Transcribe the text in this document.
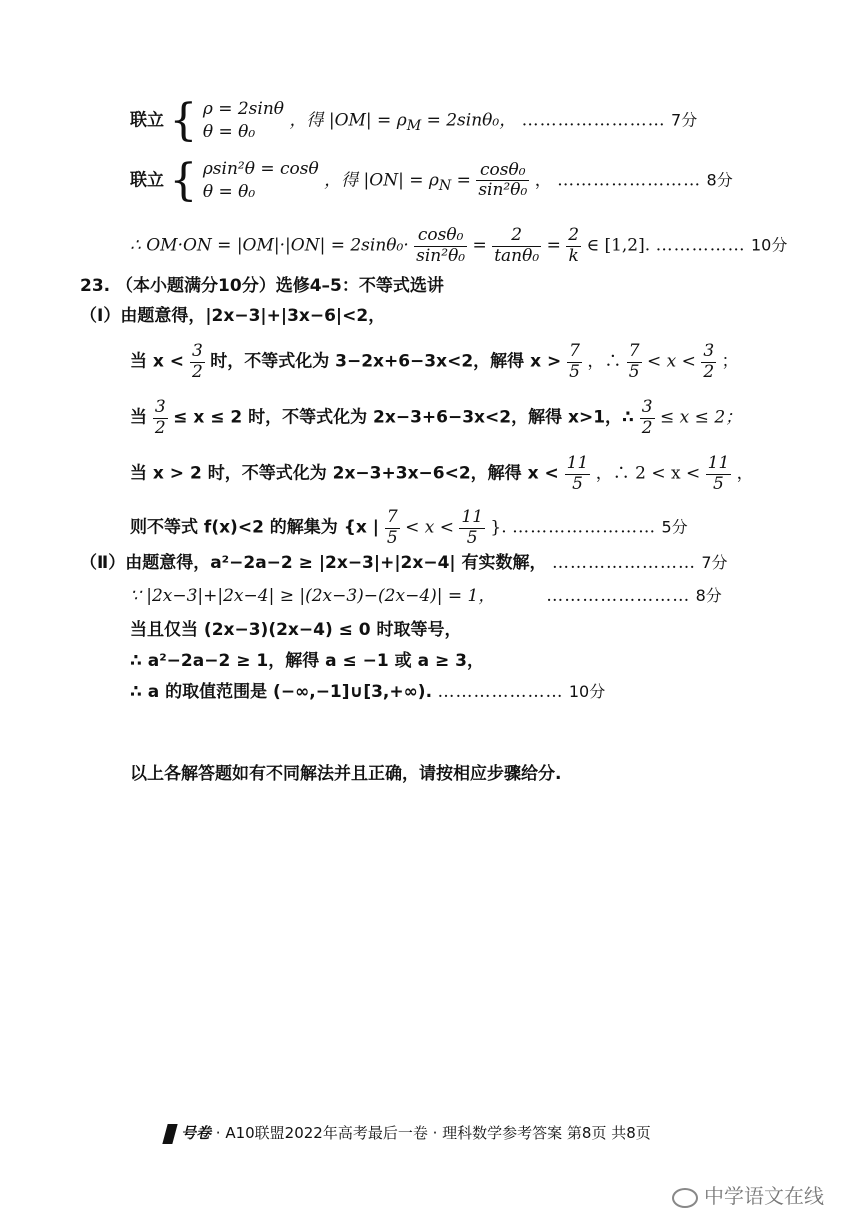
联立 { ρ = 2sinθ
θ = θ₀ ，得 $|OM| = \rho_M = 2\sin\theta_0$， …………………… 7分
联立 { ρsin²θ = cosθ
θ = θ₀ ，得 $|ON| = \rho_N = \frac{\text{cosθ₀}}{\text{sin²θ₀}}$ ， …………………… 8分
∴ $OM\cdot ON = |OM|\cdot|ON| = 2\sin\theta_0\cdot \frac{\text{cosθ₀}}{\text{sin²θ₀}} = \frac{2}{\text{tanθ₀}} = \frac{2}{k}$ ∈ [1,2]. …………… 10分
23. （本小题满分10分）选修4–5：不等式选讲
（Ⅰ）由题意得，|2x−3|+|3x−6|<2，
当 $x < \frac{3}{2}$ 时，不等式化为 3−2x+6−3x<2，解得 $x > \frac{7}{5}$ ，∴ $\frac{7}{5} < x < \frac{3}{2}$ ；
当 $\frac{3}{2} \le x \le 2$ 时，不等式化为 2x−3+6−3x<2，解得 x>1，∴ $\frac{3}{2} \le x \le 2$；
当 x > 2 时，不等式化为 2x−3+3x−6<2，解得 $x < \frac{11}{5}$ ，∴ $2 < x < \frac{11}{5}$ ，
则不等式 f(x)<2 的解集为 {x | $\frac{7}{5} < x < \frac{11}{5}$ }. …………………… 5分
（Ⅱ）由题意得，a²−2a−2 ≥ |2x−3|+|2x−4| 有实数解， …………………… 7分
∵ |2x−3|+|2x−4| ≥ |(2x−3)−(2x−4)| = 1，	…………………… 8分
当且仅当 (2x−3)(2x−4) ≤ 0 时取等号，
∴ a²−2a−2 ≥ 1，解得 a ≤ −1 或 a ≥ 3，
∴ a 的取值范围是 (−∞,−1]∪[3,+∞). ………………… 10分
以上各解答题如有不同解法并且正确，请按相应步骤给分.
号卷 · A10联盟2022年高考最后一卷 · 理科数学参考答案 第8页 共8页
中学语文在线
